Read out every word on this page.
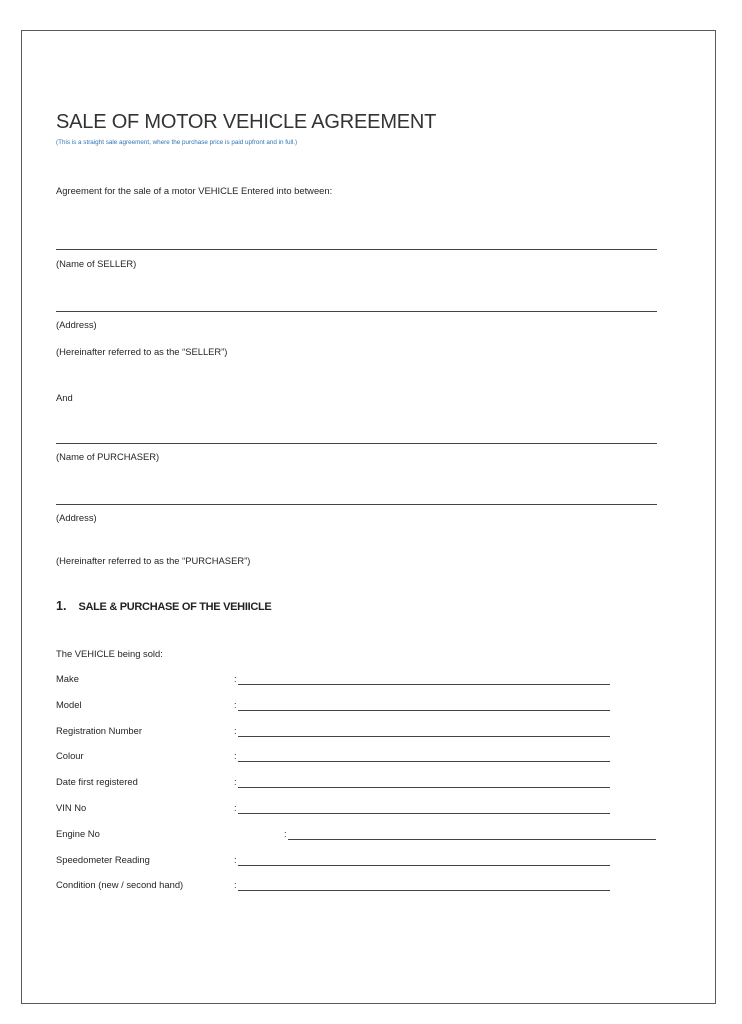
SALE OF MOTOR VEHICLE AGREEMENT
(This is a straight sale agreement, where the purchase price is paid upfront and in full.)
Agreement for the sale of a motor VEHICLE Entered into between:
(Name of SELLER)
(Address)
(Hereinafter referred to as the “SELLER”)
And
(Name of PURCHASER)
(Address)
(Hereinafter referred to as the “PURCHASER”)
1. SALE & PURCHASE OF THE VEHIICLE
The VEHICLE being sold:
Make	:
Model	:
Registration Number	:
Colour	:
Date first registered	:
VIN No	:
Engine No	:
Speedometer Reading	:
Condition (new / second hand)	:
